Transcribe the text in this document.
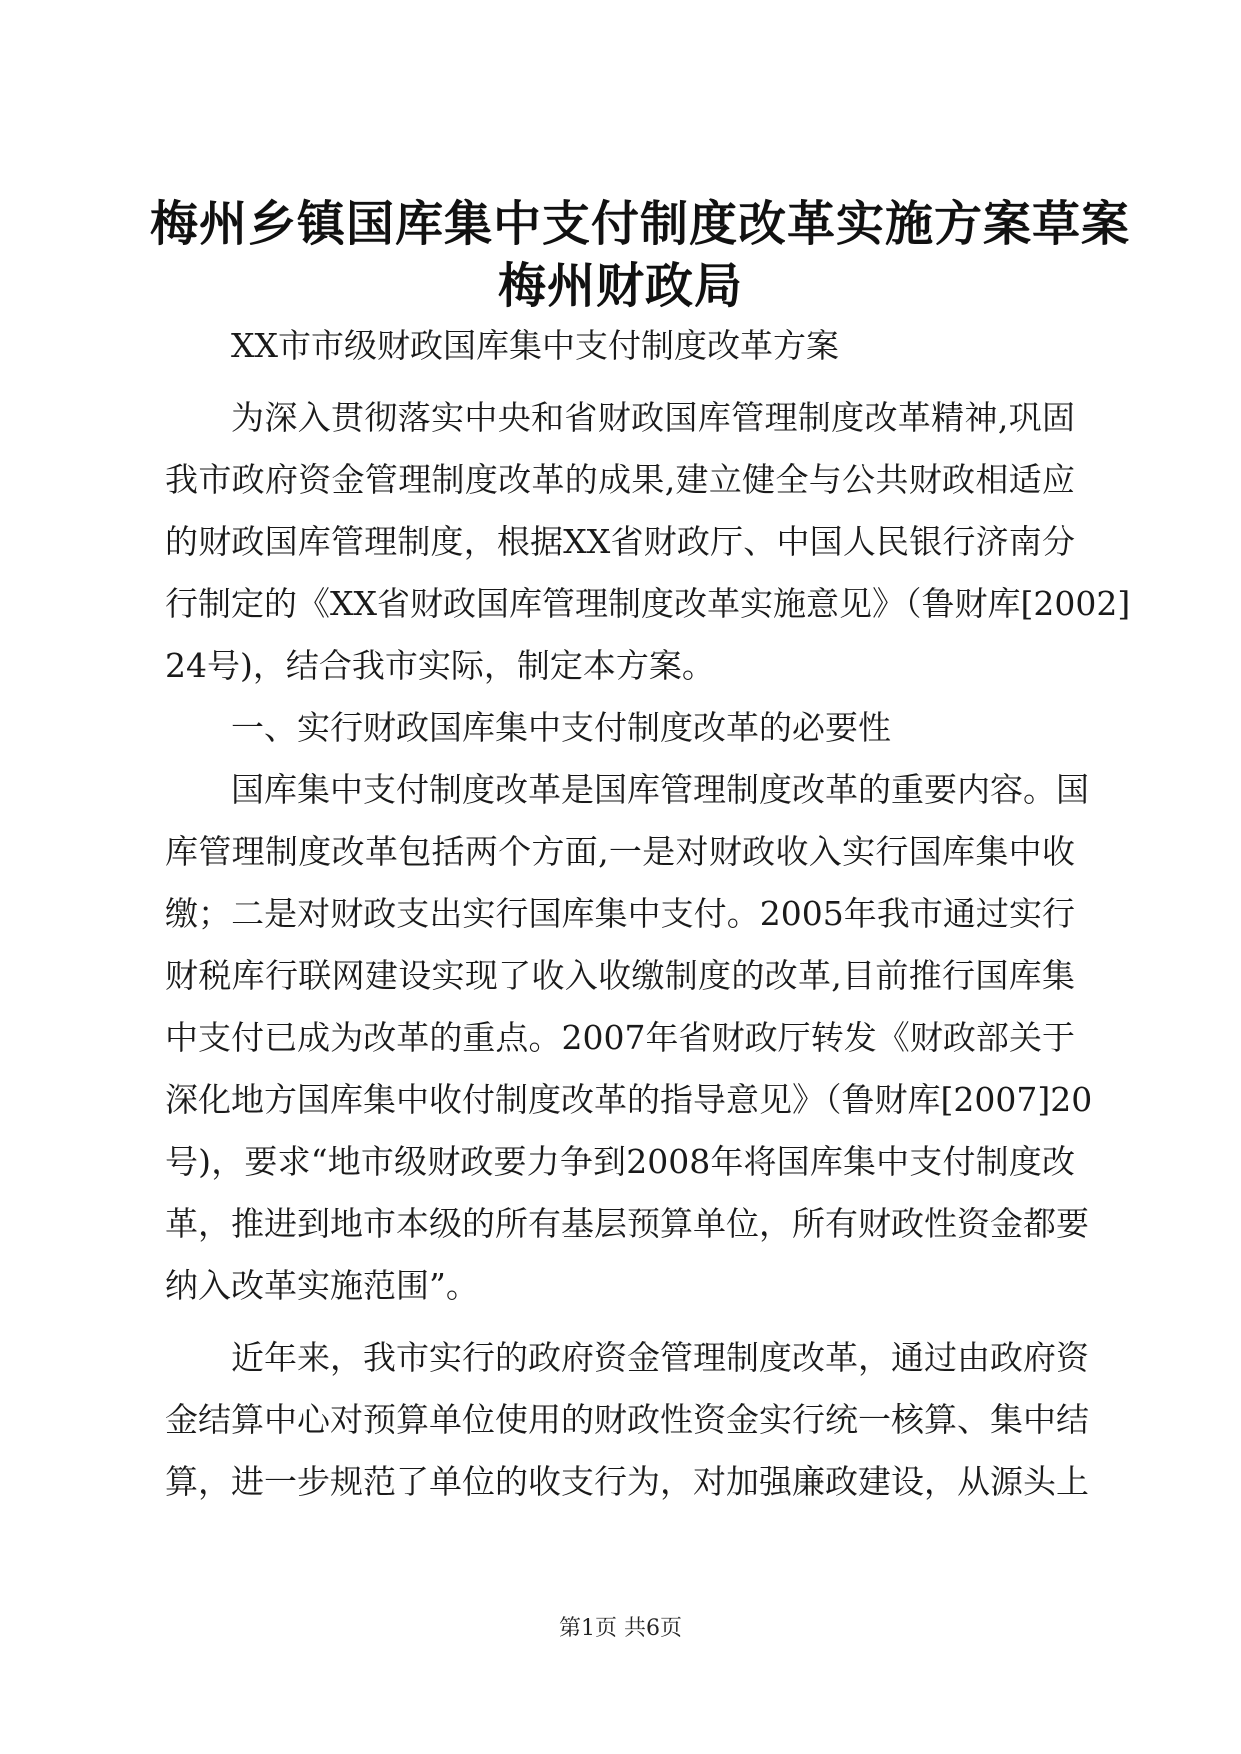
梅州乡镇国库集中支付制度改革实施方案草案
梅州财政局
XX市市级财政国库集中支付制度改革方案
为深入贯彻落实中央和省财政国库管理制度改革精神,巩固
我市政府资金管理制度改革的成果,建立健全与公共财政相适应
的财政国库管理制度，根据XX省财政厅、中国人民银行济南分
行制定的《XX省财政国库管理制度改革实施意见》（鲁财库[2002]
24号)，结合我市实际，制定本方案。
一、实行财政国库集中支付制度改革的必要性
国库集中支付制度改革是国库管理制度改革的重要内容。国
库管理制度改革包括两个方面,一是对财政收入实行国库集中收
缴；二是对财政支出实行国库集中支付。2005年我市通过实行
财税库行联网建设实现了收入收缴制度的改革,目前推行国库集
中支付已成为改革的重点。2007年省财政厅转发《财政部关于
深化地方国库集中收付制度改革的指导意见》（鲁财库[2007]20
号)，要求“地市级财政要力争到2008年将国库集中支付制度改
革，推进到地市本级的所有基层预算单位，所有财政性资金都要
纳入改革实施范围”。
近年来，我市实行的政府资金管理制度改革，通过由政府资
金结算中心对预算单位使用的财政性资金实行统一核算、集中结
算，进一步规范了单位的收支行为，对加强廉政建设，从源头上
第1页 共6页
